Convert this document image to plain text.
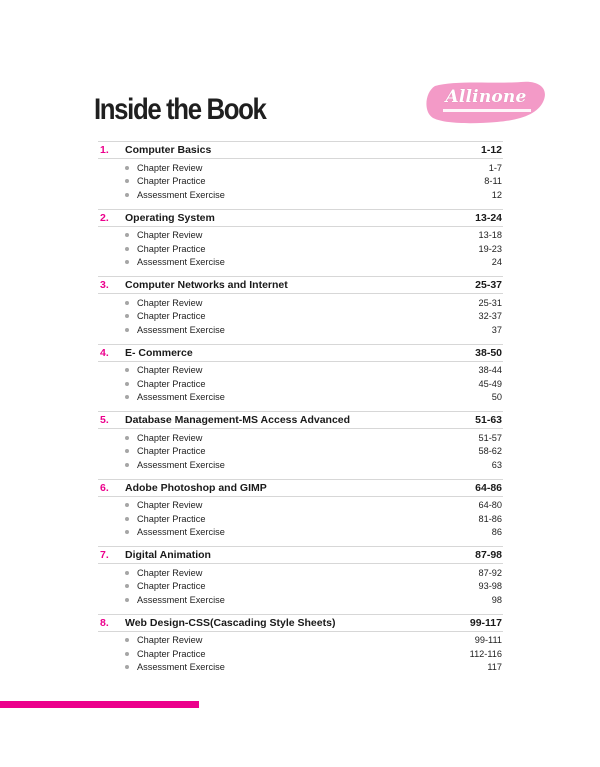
Inside the Book	Allinone
1.	Computer Basics	1-12
Chapter Review	1-7
Chapter Practice	8-11
Assessment Exercise	12
2.	Operating System	13-24
Chapter Review	13-18
Chapter Practice	19-23
Assessment Exercise	24
3.	Computer Networks and Internet	25-37
Chapter Review	25-31
Chapter Practice	32-37
Assessment Exercise	37
4.	E- Commerce	38-50
Chapter Review	38-44
Chapter Practice	45-49
Assessment Exercise	50
5.	Database Management-MS Access Advanced	51-63
Chapter Review	51-57
Chapter Practice	58-62
Assessment Exercise	63
6.	Adobe Photoshop and GIMP	64-86
Chapter Review	64-80
Chapter Practice	81-86
Assessment Exercise	86
7.	Digital Animation	87-98
Chapter Review	87-92
Chapter Practice	93-98
Assessment Exercise	98
8.	Web Design-CSS(Cascading Style Sheets)	99-117
Chapter Review	99-111
Chapter Practice	112-116
Assessment Exercise	117
